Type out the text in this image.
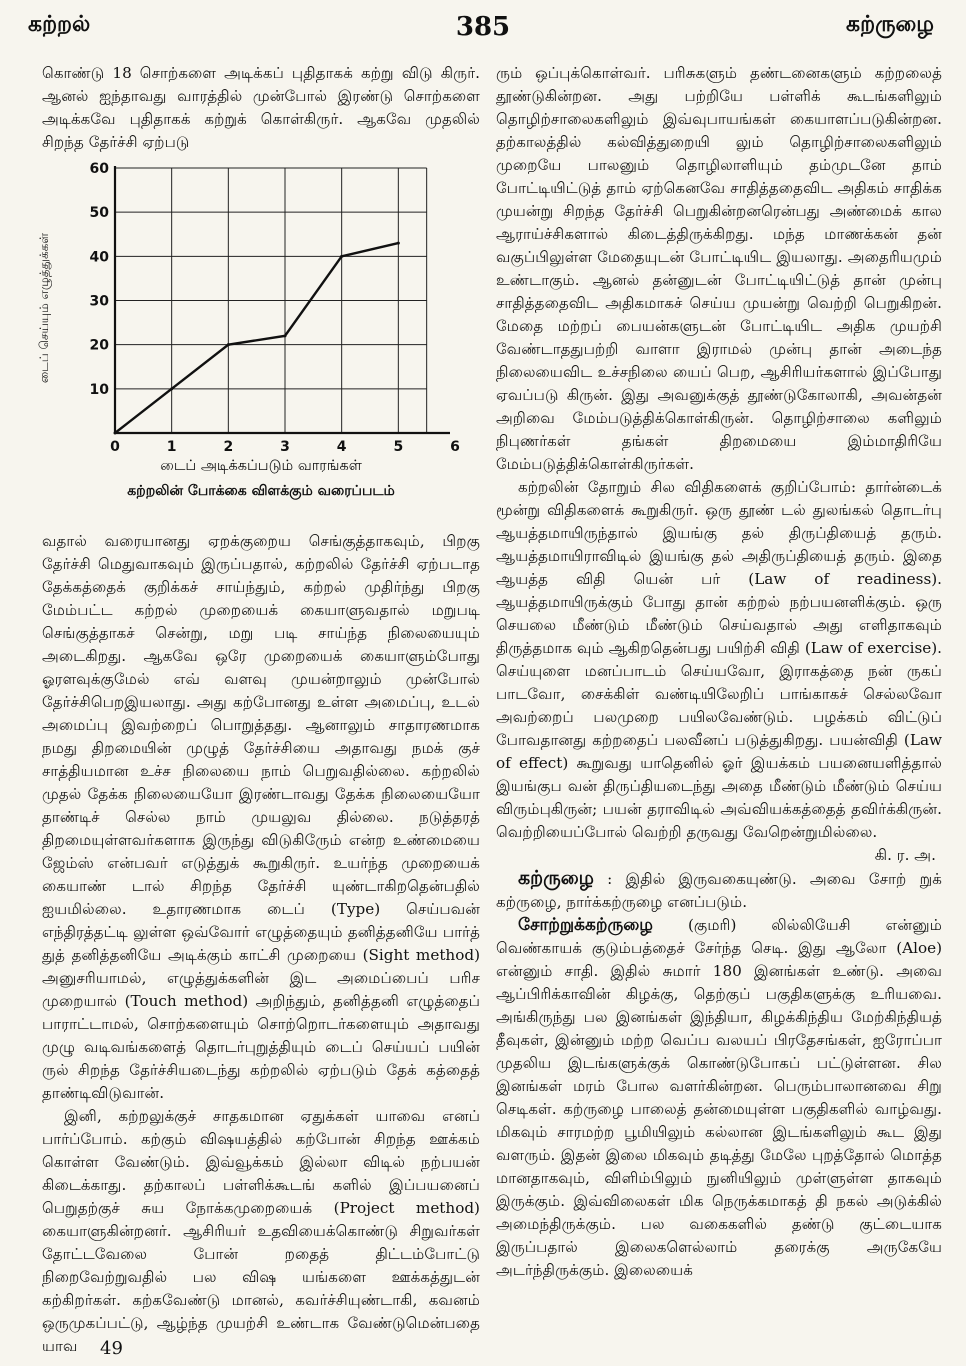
கற்றல்	385	கற்ருழை

கொண்டு 18 சொற்களை அடிக்கப் புதிதாகக் கற்று விடு கிருர். ஆனல் ஐந்தாவது வாரத்தில் முன்போல் இரண்டு சொற்களை அடிக்கவே புதிதாகக் கற்றுக் கொள்கிருர். ஆகவே முதலில் சிறந்த தேர்ச்சி ஏற்படு

0	1	2	3	4	5	6
10
20
30
40
50
60
டைப் செய்யும் எழுத்துக்கள்
டைப் அடிக்கப்படும் வாரங்கள்
கற்றலின் போக்கை விளக்கும் வரைப்படம்

வதால் வரையானது ஏறக்குறைய செங்குத்தாகவும், பிறகு தேர்ச்சி மெதுவாகவும் இருப்பதால், கற்றலில் தேர்ச்சி ஏற்படாத தேக்கத்தைக் குறிக்கச் சாய்ந்தும், கற்றல் முதிர்ந்து பிறகு மேம்பட்ட கற்றல் முறையைக் கையாளுவதால் மறுபடி செங்குத்தாகச் சென்று, மறு படி சாய்ந்த நிலையையும் அடைகிறது. ஆகவே ஒரே முறையைக் கையாளும்போது ஓரளவுக்குமேல் எவ் வளவு முயன்றாலும் முன்போல் தேர்ச்சிபெறஇயலாது. அது கற்போனது உள்ள அமைப்பு, உடல் அமைப்பு இவற்றைப் பொறுத்தது. ஆனாலும் சாதாரணமாக நமது திறமையின் முழுத் தேர்ச்சியை அதாவது நமக் குச் சாத்தியமான உச்ச நிலையை நாம் பெறுவதில்லை. கற்றலில் முதல் தேக்க நிலையையோ இரண்டாவது தேக்க நிலையையோ தாண்டிச் செல்ல நாம் முயலுவ தில்லை. நடுத்தரத் திறமையுள்ளவர்களாக இருந்து விடுகிருேம் என்ற உண்மையை ஜேம்ஸ் என்பவர் எடுத்துக் கூறுகிருர். உயர்ந்த முறையைக் கையாண் டால் சிறந்த தேர்ச்சி யுண்டாகிறதென்பதில் ஐயமில்லை. உதாரணமாக டைப் (Type) செய்பவன் எந்திரத்தட்டி லுள்ள ஒவ்வோர் எழுத்தையும் தனித்தனியே பார்த் துத் தனித்தனியே அடிக்கும் காட்சி முறையை (Sight method) அனுசரியாமல், எழுத்துக்களின் இட அமைப்பைப் பரிச முறையால் (Touch method) அறிந்தும், தனித்தனி எழுத்தைப் பாராட்டாமல், சொற்களையும் சொற்றொடர்களையும் அதாவது முழு வடிவங்களைத் தொடர்புறுத்தியும் டைப் செய்யப் பயின் ருல் சிறந்த தேர்ச்சியடைந்து கற்றலில் ஏற்படும் தேக் கத்தைத் தாண்டிவிடுவான்.

இனி, கற்றலுக்குச் சாதகமான ஏதுக்கள் யாவை எனப் பார்ப்போம். கற்கும் விஷயத்தில் கற்போன் சிறந்த ஊக்கம் கொள்ள வேண்டும். இவ்வூக்கம் இல்லா விடில் நற்பயன் கிடைக்காது. தற்காலப் பள்ளிக்கூடங் களில் இப்பயனைப் பெறுதற்குச் சுய நோக்கமுறையைக் (Project method) கையாளுகின்றனர். ஆசிரியர் உதவியைக்கொண்டு சிறுவர்கள் தோட்டவேலை போன் றதைத் திட்டம்போட்டு நிறைவேற்றுவதில் பல விஷ யங்களை ஊக்கத்துடன் கற்கிறர்கள். கற்கவேண்டு மானல், கவர்ச்சியுண்டாகி, கவனம் ஒருமுகப்பட்டு, ஆழ்ந்த முயற்சி உண்டாக வேண்டுமென்பதை யாவ

ரும் ஒப்புக்கொள்வர். பரிசுகளும் தண்டனைகளும் கற்றலைத் தூண்டுகின்றன. அது பற்றியே பள்ளிக் கூடங்களிலும் தொழிற்சாலைகளிலும் இவ்வுபாயங்கள் கையாளப்படுகின்றன. தற்காலத்தில் கல்வித்துறையி லும் தொழிற்சாலைகளிலும் முறையே பாலனும் தொழிலாளியும் தம்முடனே தாம் போட்டியிட்டுத் தாம் ஏற்கெனவே சாதித்ததைவிட அதிகம் சாதிக்க முயன்று சிறந்த தேர்ச்சி பெறுகின்றனரென்பது அண்மைக் கால ஆராய்ச்சிகளால் கிடைத்திருக்கிறது. மந்த மாணக்கன் தன் வகுப்பிலுள்ள மேதையுடன் போட்டியிட இயலாது. அதைரியமும் உண்டாகும். ஆனல் தன்னுடன் போட்டியிட்டுத் தான் முன்பு சாதித்ததைவிட அதிகமாகச் செய்ய முயன்று வெற்றி பெறுகிறன். மேதை மற்றப் பையன்களுடன் போட்டியிட அதிக முயற்சி வேண்டாததுபற்றி வாளா இராமல் முன்பு தான் அடைந்த நிலையைவிட உச்சநிலை யைப் பெற, ஆசிரியர்களால் இப்போது ஏவப்படு கிருன். இது அவனுக்குத் தூண்டுகோலாகி, அவன்தன் அறிவை மேம்படுத்திக்கொள்கிருன். தொழிற்சாலை களிலும் நிபுணர்கள் தங்கள் திறமையை இம்மாதிரியே மேம்படுத்திக்கொள்கிருர்கள்.

கற்றலின் தோறும் சில விதிகளைக் குறிப்போம்: தார்ன்டைக் மூன்று விதிகளைக் கூறுகிருர். ஒரு தூண் டல் துலங்கல் தொடர்பு ஆயத்தமாயிருந்தால் இயங்கு தல் திருப்தியைத் தரும். ஆயத்தமாயிராவிடில் இயங்கு தல் அதிருப்தியைத் தரும். இதை ஆயத்த விதி யென் பர் (Law of readiness). ஆயத்தமாயிருக்கும் போது தான் கற்றல் நற்பயனளிக்கும். ஒரு செயலை மீண்டும் மீண்டும் செய்வதால் அது எளிதாகவும் திருத்தமாக வும் ஆகிறதென்பது பயிற்சி விதி (Law of exercise). செய்யுளை மனப்பாடம் செய்யவோ, இராகத்தை நன் ருகப் பாடவோ, சைக்கிள் வண்டியிலேறிப் பாங்காகச் செல்லவோ அவற்றைப் பலமுறை பயிலவேண்டும். பழக்கம் விட்டுப் போவதானது கற்றதைப் பலவீனப் படுத்துகிறது. பயன்விதி (Law of effect) கூறுவது யாதெனில் ஓர் இயக்கம் பயனையளித்தால் இயங்குப வன் திருப்தியடைந்து அதை மீண்டும் மீண்டும் செய்ய விரும்புகிருன்; பயன் தராவிடில் அவ்வியக்கத்தைத் தவிர்க்கிருன். வெற்றியைப்போல் வெற்றி தருவது வேறென்றுமில்லை.

கி. ர. அ.

கற்ருழை : இதில் இருவகையுண்டு. அவை சோற் றுக் கற்ருழை, நார்க்கற்ருழை எனப்படும்.

சோற்றுக்கற்ருழை (குமரி) லில்லியேசி என்னும் வெண்காயக் குடும்பத்தைச் சேர்ந்த செடி. இது ஆலோ (Aloe) என்னும் சாதி. இதில் சுமார் 180 இனங்கள் உண்டு. அவை ஆப்பிரிக்காவின் கிழக்கு, தெற்குப் பகுதிகளுக்கு உரியவை. அங்கிருந்து பல இனங்கள் இந்தியா, கிழக்கிந்திய மேற்கிந்தியத் தீவுகள், இன்னும் மற்ற வெப்ப வலயப் பிரதேசங்கள், ஐரோப்பா முதலிய இடங்களுக்குக் கொண்டுபோகப் பட்டுள்ளன. சில இனங்கள் மரம் போல வளர்கின்றன. பெரும்பாலானவை சிறு செடிகள். கற்ருழை பாலைத் தன்மையுள்ள பகுதிகளில் வாழ்வது. மிகவும் சாரமற்ற பூமியிலும் கல்லான இடங்களிலும் கூட இது வளரும். இதன் இலை மிகவும் தடித்து மேலே புறத்தோல் மொத்த மானதாகவும், விளிம்பிலும் நுனியிலும் முள்ளுள்ள தாகவும் இருக்கும். இவ்விலைகள் மிக நெருக்கமாகத் தி நகல் அடுக்கில் அமைந்திருக்கும். பல வகைகளில் தண்டு குட்டையாக இருப்பதால் இலைகளெல்லாம் தரைக்கு அருகேயே அடர்ந்திருக்கும். இலையைக்

49
